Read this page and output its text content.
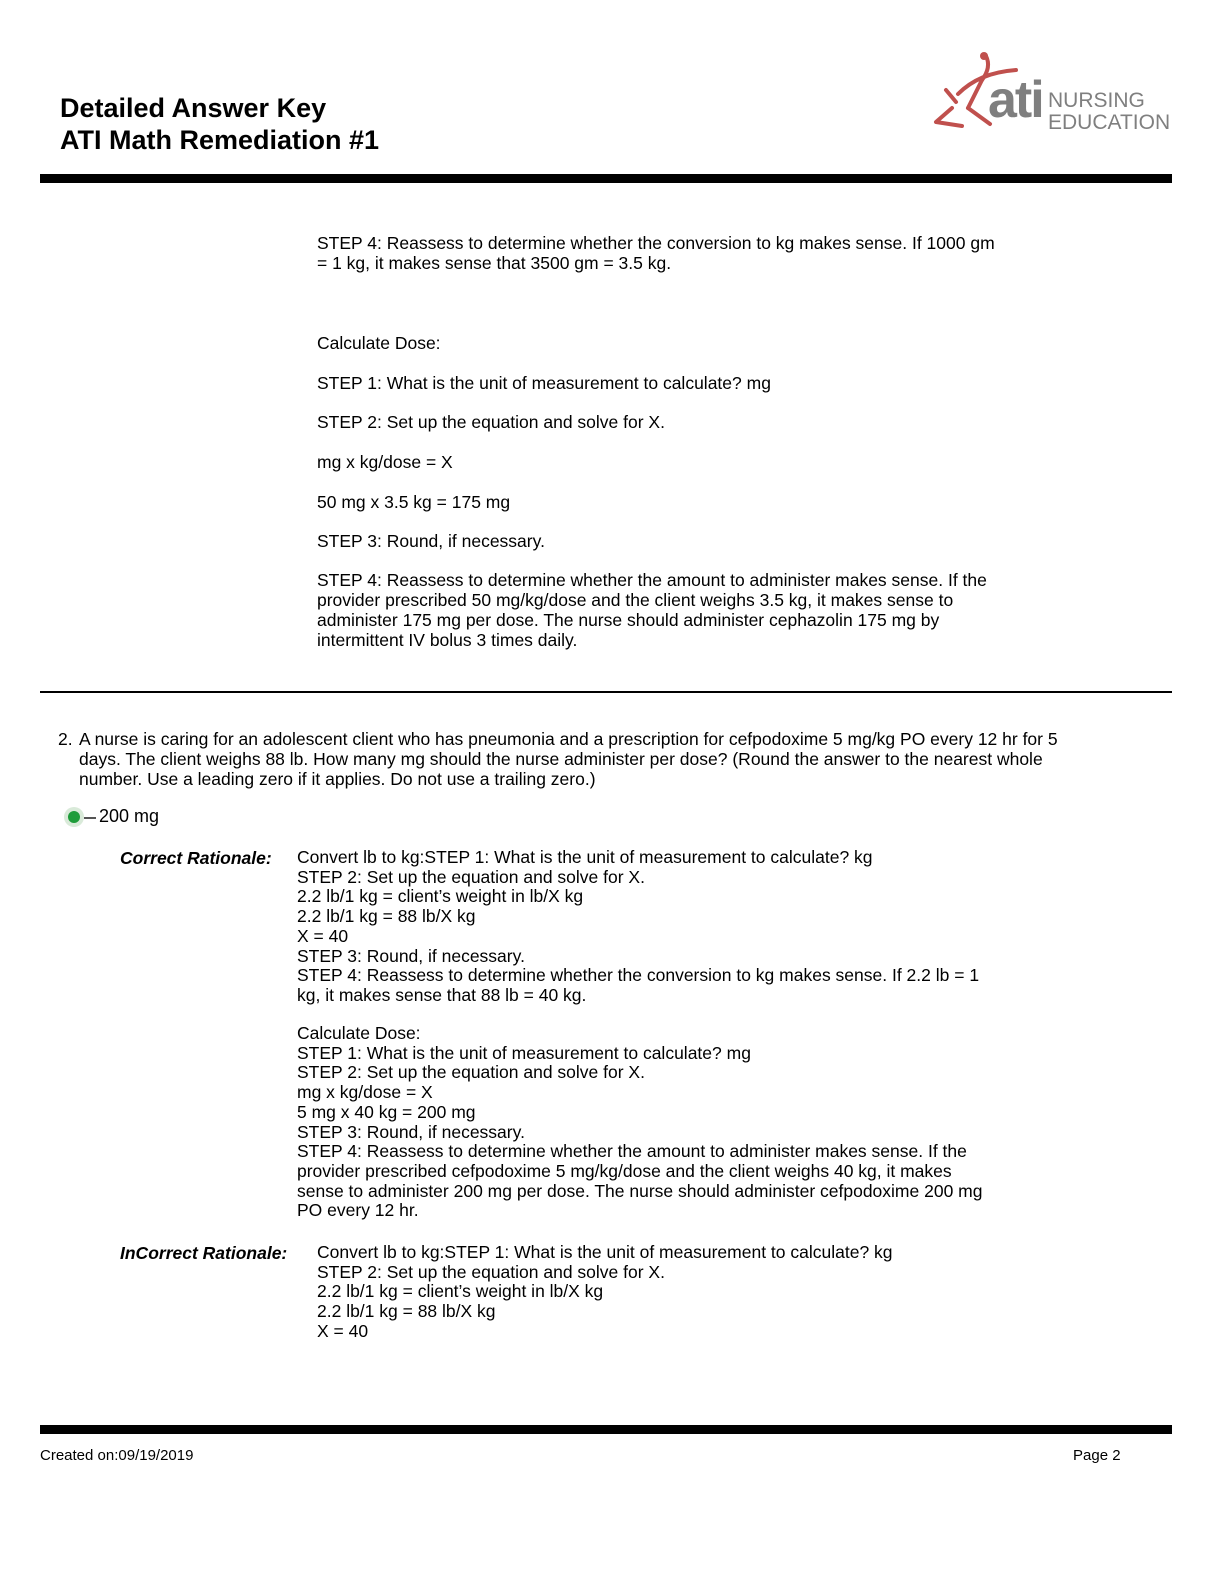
Detailed Answer Key
ATI Math Remediation #1
ati NURSING
EDUCATION
STEP 4: Reassess to determine whether the conversion to kg makes sense. If 1000 gm
= 1 kg, it makes sense that 3500 gm = 3.5 kg.
Calculate Dose:
STEP 1: What is the unit of measurement to calculate? mg
STEP 2: Set up the equation and solve for X.
mg x kg/dose = X
50 mg x 3.5 kg = 175 mg
STEP 3: Round, if necessary.
STEP 4: Reassess to determine whether the amount to administer makes sense. If the
provider prescribed 50 mg/kg/dose and the client weighs 3.5 kg, it makes sense to
administer 175 mg per dose. The nurse should administer cephazolin 175 mg by
intermittent IV bolus 3 times daily.
2. A nurse is caring for an adolescent client who has pneumonia and a prescription for cefpodoxime 5 mg/kg PO every 12 hr for 5 days. The client weighs 88 lb. How many mg should the nurse administer per dose? (Round the answer to the nearest whole number. Use a leading zero if it applies. Do not use a trailing zero.)
200 mg
Correct Rationale: Convert lb to kg:STEP 1: What is the unit of measurement to calculate? kg
STEP 2: Set up the equation and solve for X.
2.2 lb/1 kg = client’s weight in lb/X kg
2.2 lb/1 kg = 88 lb/X kg
X = 40
STEP 3: Round, if necessary.
STEP 4: Reassess to determine whether the conversion to kg makes sense. If 2.2 lb = 1
kg, it makes sense that 88 lb = 40 kg.
Calculate Dose:
STEP 1: What is the unit of measurement to calculate? mg
STEP 2: Set up the equation and solve for X.
mg x kg/dose = X
5 mg x 40 kg = 200 mg
STEP 3: Round, if necessary.
STEP 4: Reassess to determine whether the amount to administer makes sense. If the
provider prescribed cefpodoxime 5 mg/kg/dose and the client weighs 40 kg, it makes
sense to administer 200 mg per dose. The nurse should administer cefpodoxime 200 mg
PO every 12 hr.
InCorrect Rationale: Convert lb to kg:STEP 1: What is the unit of measurement to calculate? kg
STEP 2: Set up the equation and solve for X.
2.2 lb/1 kg = client’s weight in lb/X kg
2.2 lb/1 kg = 88 lb/X kg
X = 40
Created on:09/19/2019	Page 2
